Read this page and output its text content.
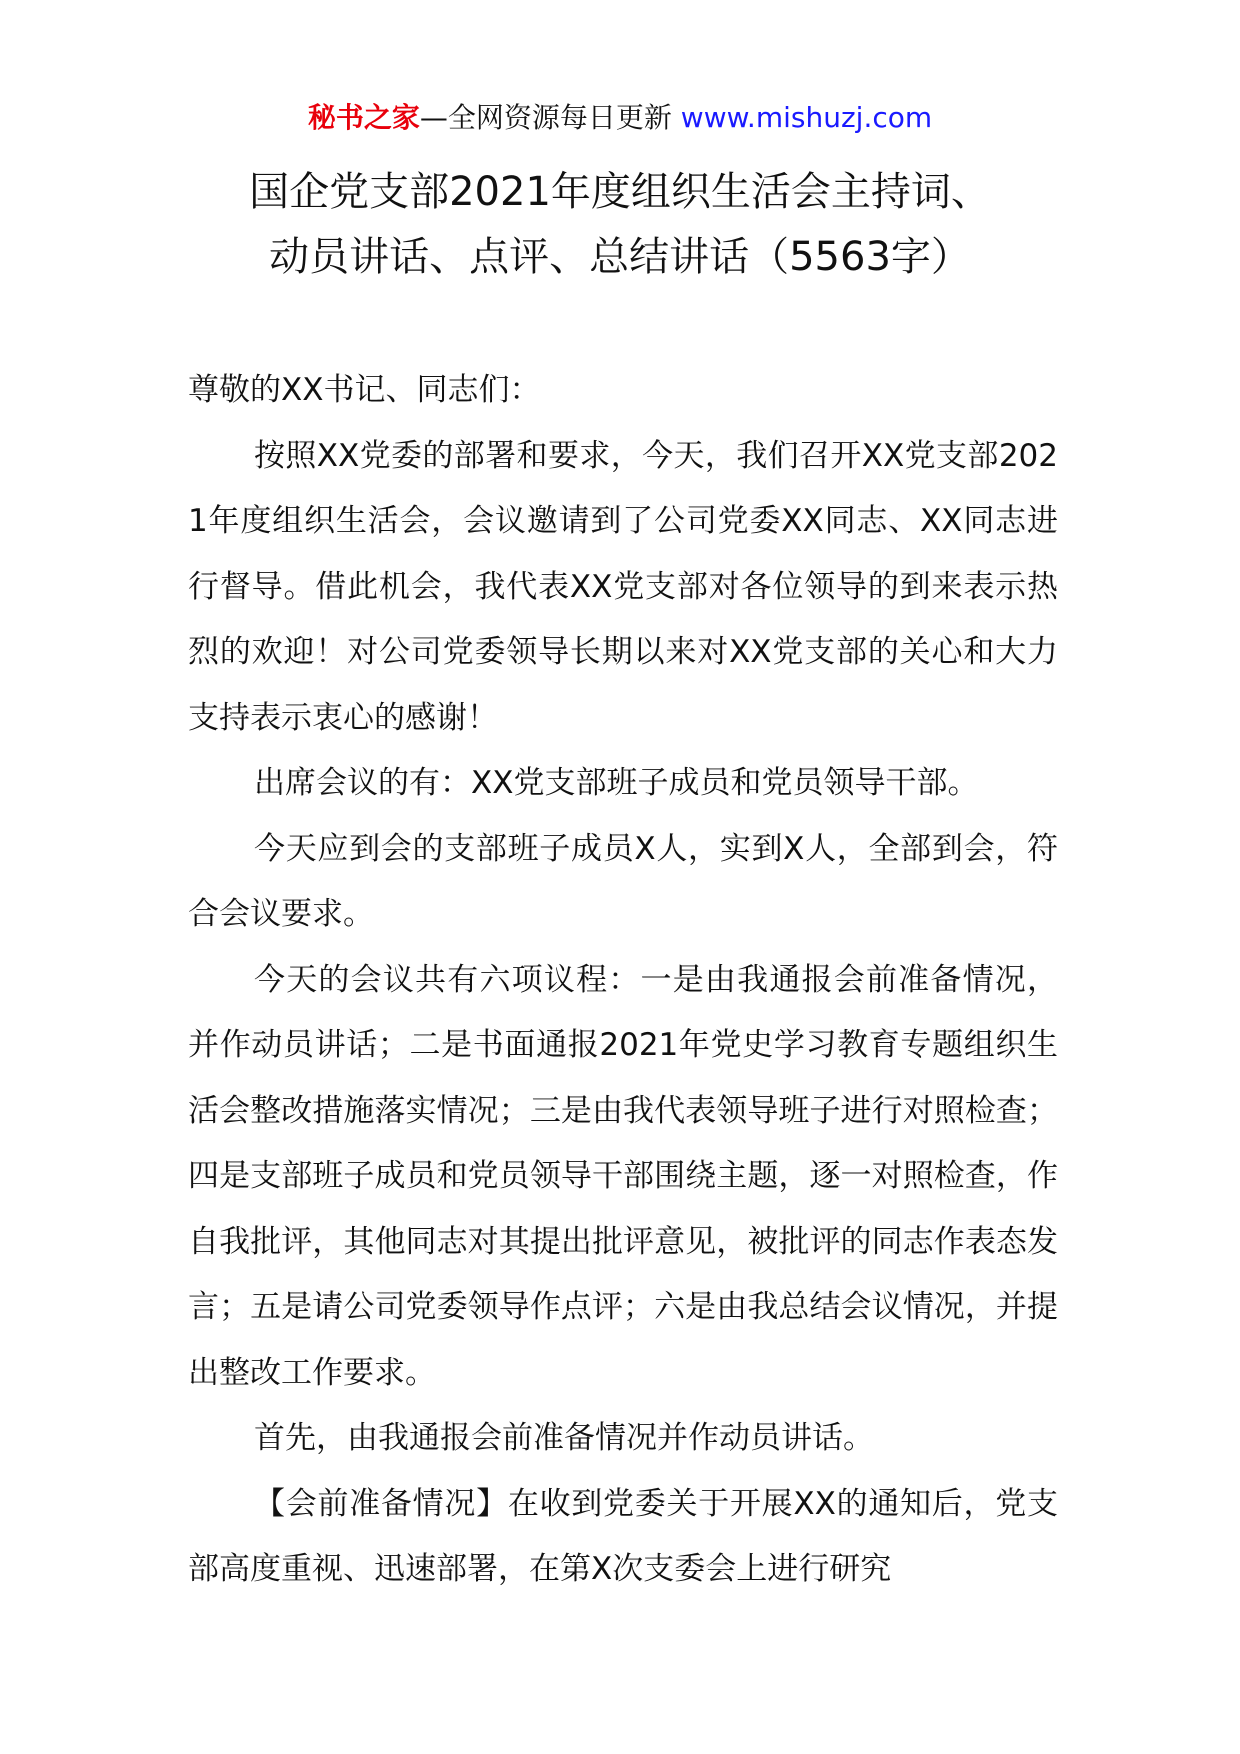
秘书之家—全网资源每日更新 www.mishuzj.com
国企党支部2021年度组织生活会主持词、
动员讲话、点评、总结讲话（5563字）

尊敬的XX书记、同志们：

按照XX党委的部署和要求，今天，我们召开XX党支部2021年度组织生活会，会议邀请到了公司党委XX同志、XX同志进行督导。借此机会，我代表XX党支部对各位领导的到来表示热烈的欢迎！对公司党委领导长期以来对XX党支部的关心和大力支持表示衷心的感谢！

出席会议的有：XX党支部班子成员和党员领导干部。

今天应到会的支部班子成员X人，实到X人，全部到会，符合会议要求。

今天的会议共有六项议程：一是由我通报会前准备情况，并作动员讲话；二是书面通报2021年党史学习教育专题组织生活会整改措施落实情况；三是由我代表领导班子进行对照检查；四是支部班子成员和党员领导干部围绕主题，逐一对照检查，作自我批评，其他同志对其提出批评意见，被批评的同志作表态发言；五是请公司党委领导作点评；六是由我总结会议情况，并提出整改工作要求。

首先，由我通报会前准备情况并作动员讲话。

【会前准备情况】在收到党委关于开展XX的通知后，党支部高度重视、迅速部署，在第X次支委会上进行研究
